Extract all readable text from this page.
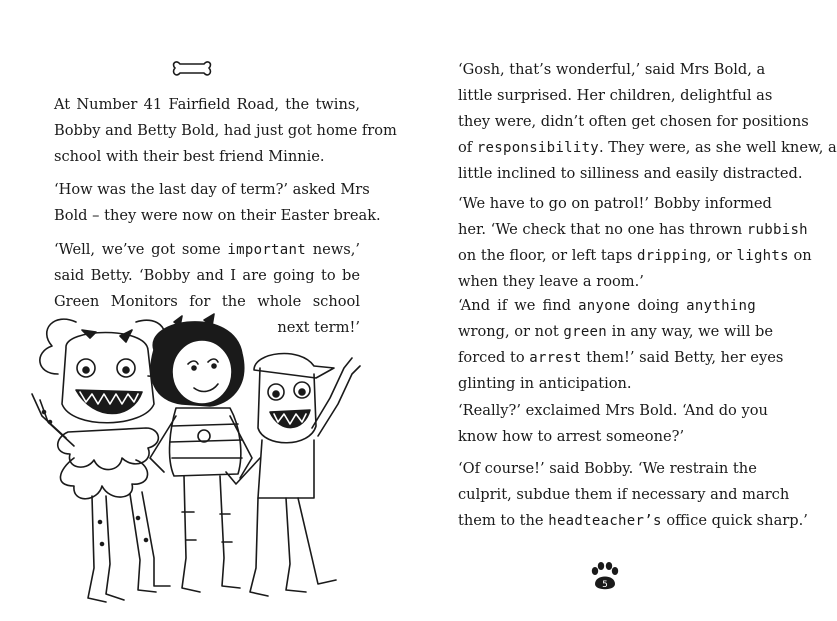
At Number 41 Fairfield Road, the twins,
Bobby and Betty Bold, had just got home from
school with their best friend Minnie.

‘How was the last day of term?’ asked Mrs
Bold – they were now on their Easter break.

‘Well, we’ve got some important news,’
said Betty. ‘Bobby and I are going to be
Green Monitors for the whole school
next term!’

‘Gosh, that’s wonderful,’ said Mrs Bold, a
little surprised. Her children, delightful as
they were, didn’t often get chosen for positions
of responsibility. They were, as she well knew, a
little inclined to silliness and easily distracted.

‘We have to go on patrol!’ Bobby informed
her. ‘We check that no one has thrown rubbish
on the floor, or left taps dripping, or lights on
when they leave a room.’

‘And if we find anyone doing anything
wrong, or not green in any way, we will be
forced to arrest them!’ said Betty, her eyes
glinting in anticipation.

‘Really?’ exclaimed Mrs Bold. ‘And do you
know how to arrest someone?’

‘Of course!’ said Bobby. ‘We restrain the
culprit, subdue them if necessary and march
them to the headteacher’s office quick sharp.’

5
